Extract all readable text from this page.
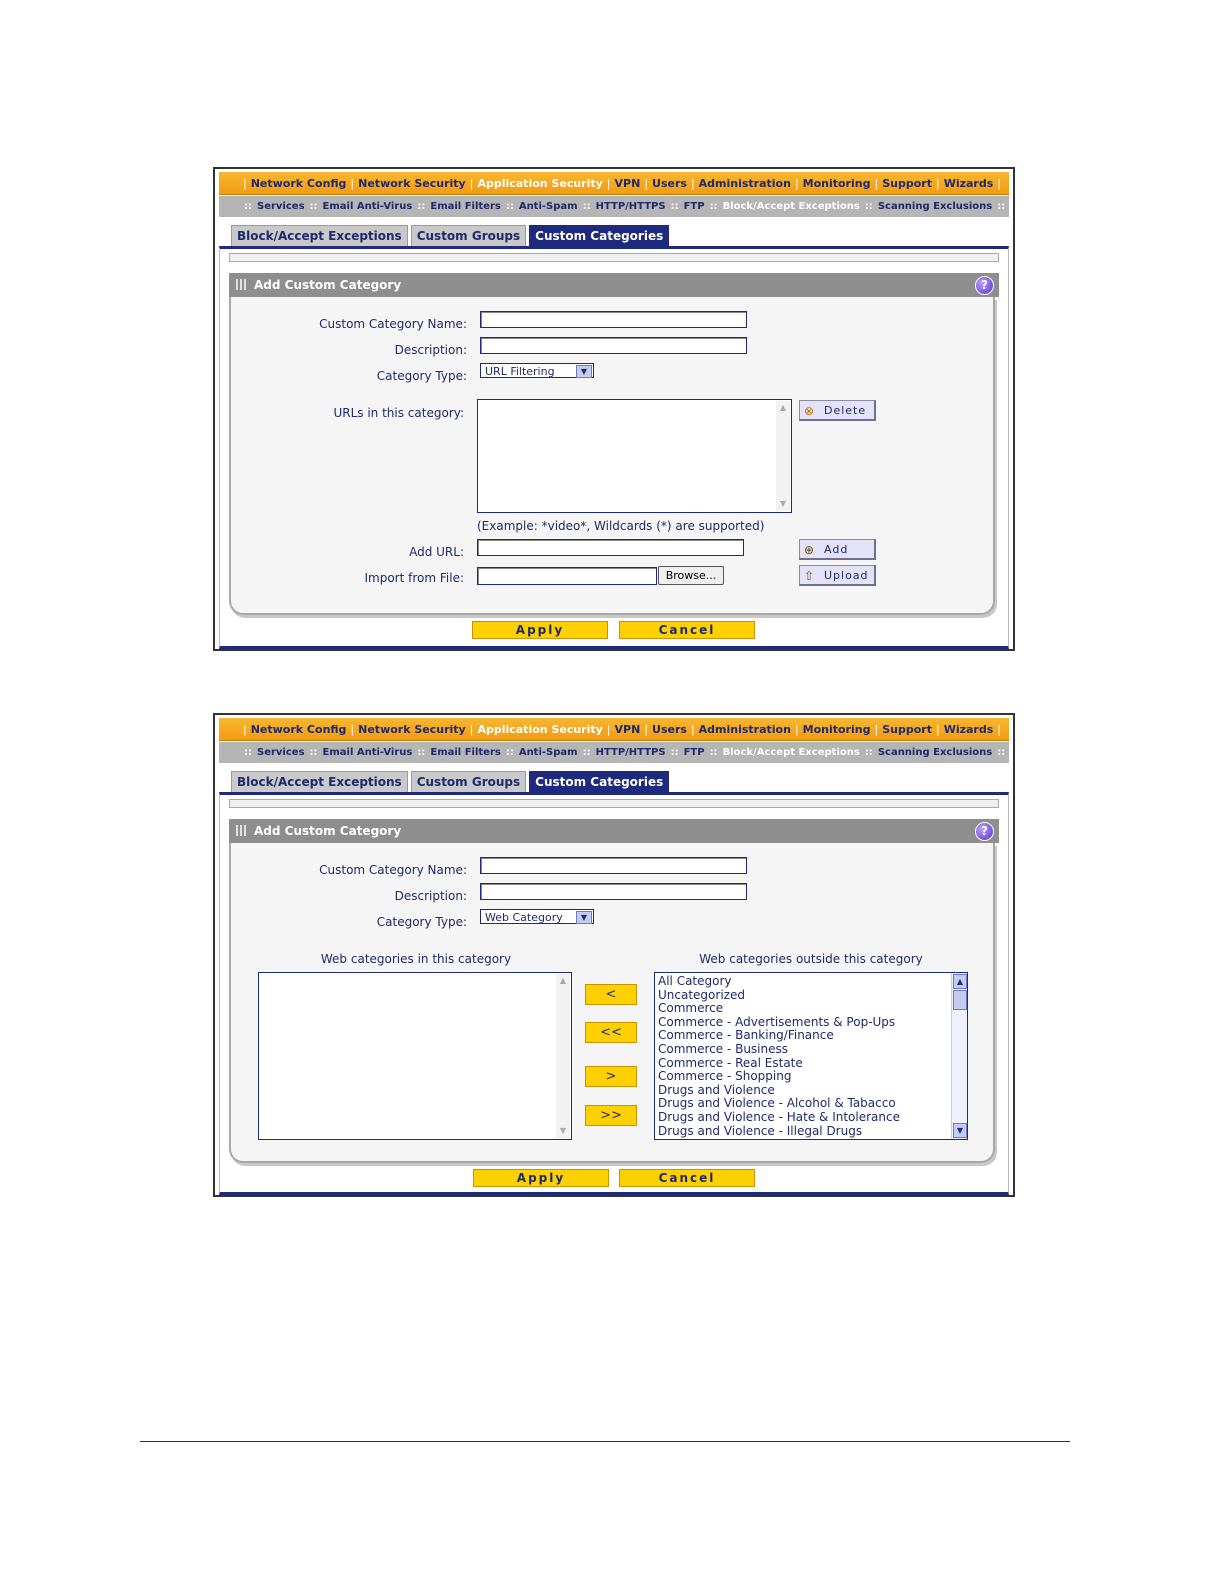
| Network Config | Network Security | Application Security | VPN | Users | Administration | Monitoring | Support | Wizards |
:: Services :: Email Anti-Virus :: Email Filters :: Anti-Spam :: HTTP/HTTPS :: FTP :: Block/Accept Exceptions :: Scanning Exclusions ::
Block/Accept Exceptions	Custom Groups	Custom Categories
Add Custom Category	?
Custom Category Name:
Description:
Category Type:	URL Filtering	▼
URLs in this category:	▲
▼
⊗ Delete
(Example: *video*, Wildcards (*) are supported)
Add URL:	⊕ Add
Import from File:	Browse...	⇧ Upload
Apply	Cancel
| Network Config | Network Security | Application Security | VPN | Users | Administration | Monitoring | Support | Wizards |
:: Services :: Email Anti-Virus :: Email Filters :: Anti-Spam :: HTTP/HTTPS :: FTP :: Block/Accept Exceptions :: Scanning Exclusions ::
Block/Accept Exceptions	Custom Groups	Custom Categories
Add Custom Category	?
Custom Category Name:
Description:
Category Type:	Web Category	▼
Web categories in this category	Web categories outside this category
▲
▼
<
<<
>
>>
All Category
Uncategorized
Commerce
Commerce - Advertisements & Pop-Ups
Commerce - Banking/Finance
Commerce - Business
Commerce - Real Estate
Commerce - Shopping
Drugs and Violence
Drugs and Violence - Alcohol & Tabacco
Drugs and Violence - Hate & Intolerance
Drugs and Violence - Illegal Drugs
▲
▼
Apply	Cancel
